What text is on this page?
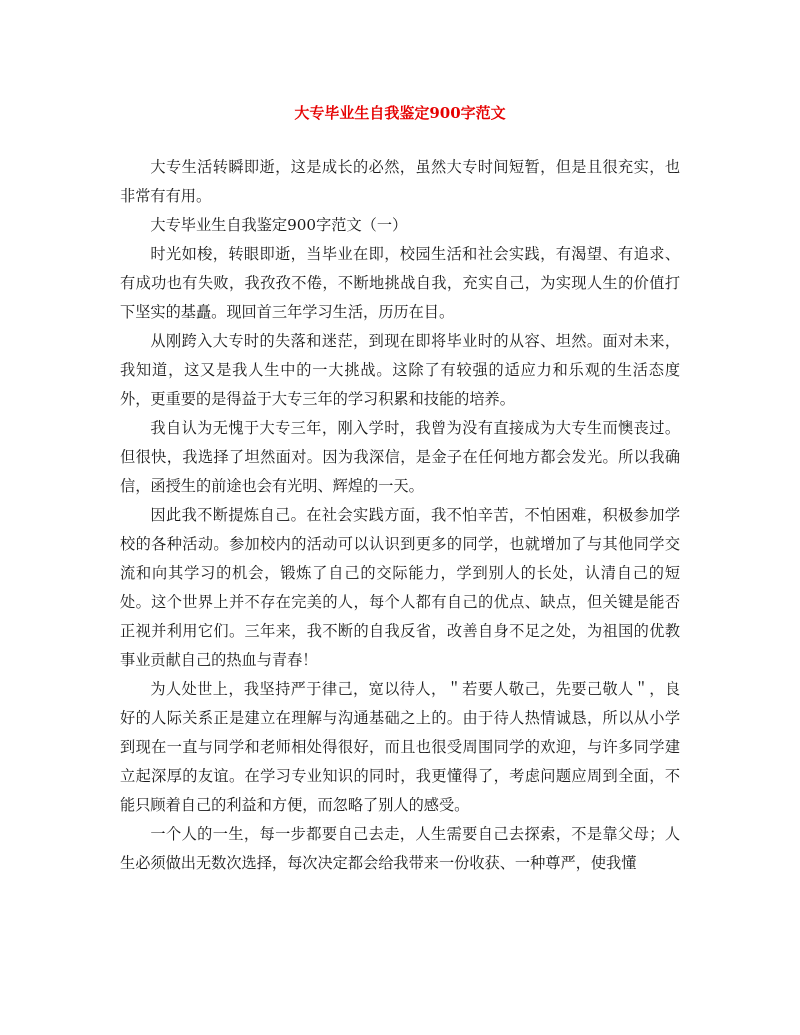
大专毕业生自我鉴定900字范文

大专生活转瞬即逝，这是成长的必然，虽然大专时间短暂，但是且很充实，也非常有有用。

大专毕业生自我鉴定900字范文（一）

时光如梭，转眼即逝，当毕业在即，校园生活和社会实践，有渴望、有追求、有成功也有失败，我孜孜不倦，不断地挑战自我，充实自己，为实现人生的价值打下坚实的基矗。现回首三年学习生活，历历在目。

从刚跨入大专时的失落和迷茫，到现在即将毕业时的从容、坦然。面对未来，我知道，这又是我人生中的一大挑战。这除了有较强的适应力和乐观的生活态度外，更重要的是得益于大专三年的学习积累和技能的培养。

我自认为无愧于大专三年，刚入学时，我曾为没有直接成为大专生而懊丧过。但很快，我选择了坦然面对。因为我深信，是金子在任何地方都会发光。所以我确信，函授生的前途也会有光明、辉煌的一天。

因此我不断提炼自己。在社会实践方面，我不怕辛苦，不怕困难，积极参加学校的各种活动。参加校内的活动可以认识到更多的同学，也就增加了与其他同学交流和向其学习的机会，锻炼了自己的交际能力，学到别人的长处，认清自己的短处。这个世界上并不存在完美的人，每个人都有自己的优点、缺点，但关键是能否正视并利用它们。三年来，我不断的自我反省，改善自身不足之处，为祖国的优教事业贡献自己的热血与青春！

为人处世上，我坚持严于律己，宽以待人，＂若要人敬己，先要己敬人＂，良好的人际关系正是建立在理解与沟通基础之上的。由于待人热情诚恳，所以从小学到现在一直与同学和老师相处得很好，而且也很受周围同学的欢迎，与许多同学建立起深厚的友谊。在学习专业知识的同时，我更懂得了，考虑问题应周到全面，不能只顾着自己的利益和方便，而忽略了别人的感受。

一个人的一生，每一步都要自己去走，人生需要自己去探索，不是靠父母；人生必须做出无数次选择，每次决定都会给我带来一份收获、一种尊严，使我懂
